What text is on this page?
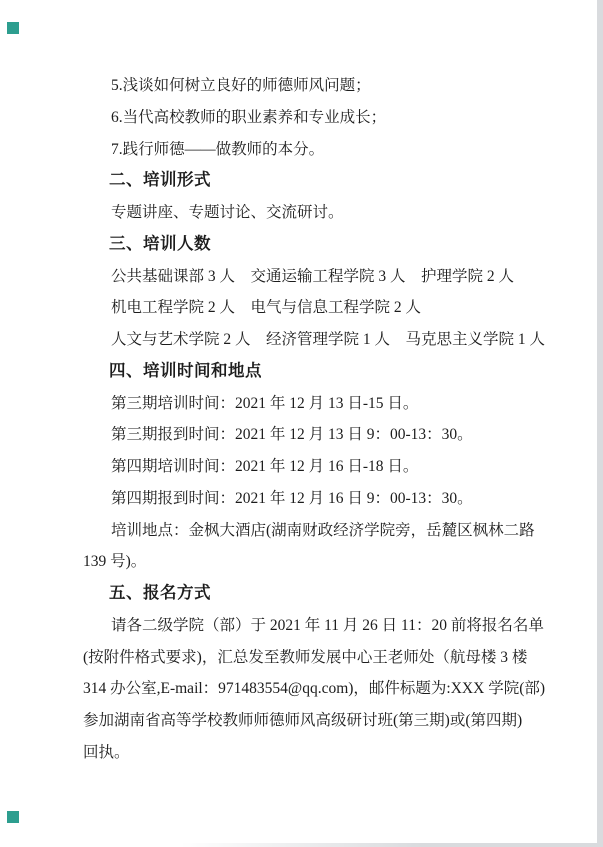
5.浅谈如何树立良好的师德师风问题；
6.当代高校教师的职业素养和专业成长；
7.践行师德——做教师的本分。
二、培训形式
专题讲座、专题讨论、交流研讨。
三、培训人数
公共基础课部 3 人　交通运输工程学院 3 人　护理学院 2 人
机电工程学院 2 人　电气与信息工程学院 2 人
人文与艺术学院 2 人　经济管理学院 1 人　马克思主义学院 1 人
四、培训时间和地点
第三期培训时间：2021 年 12 月 13 日-15 日。
第三期报到时间：2021 年 12 月 13 日 9：00-13：30。
第四期培训时间：2021 年 12 月 16 日-18 日。
第四期报到时间：2021 年 12 月 16 日 9：00-13：30。
培训地点：金枫大酒店(湖南财政经济学院旁，岳麓区枫林二路
139 号)。
五、报名方式
请各二级学院（部）于 2021 年 11 月 26 日 11：20 前将报名名单
(按附件格式要求)，汇总发至教师发展中心王老师处（航母楼 3 楼
314 办公室,E-mail：971483554@qq.com)，邮件标题为:XXX 学院(部)
参加湖南省高等学校教师师德师风高级研讨班(第三期)或(第四期)
回执。
